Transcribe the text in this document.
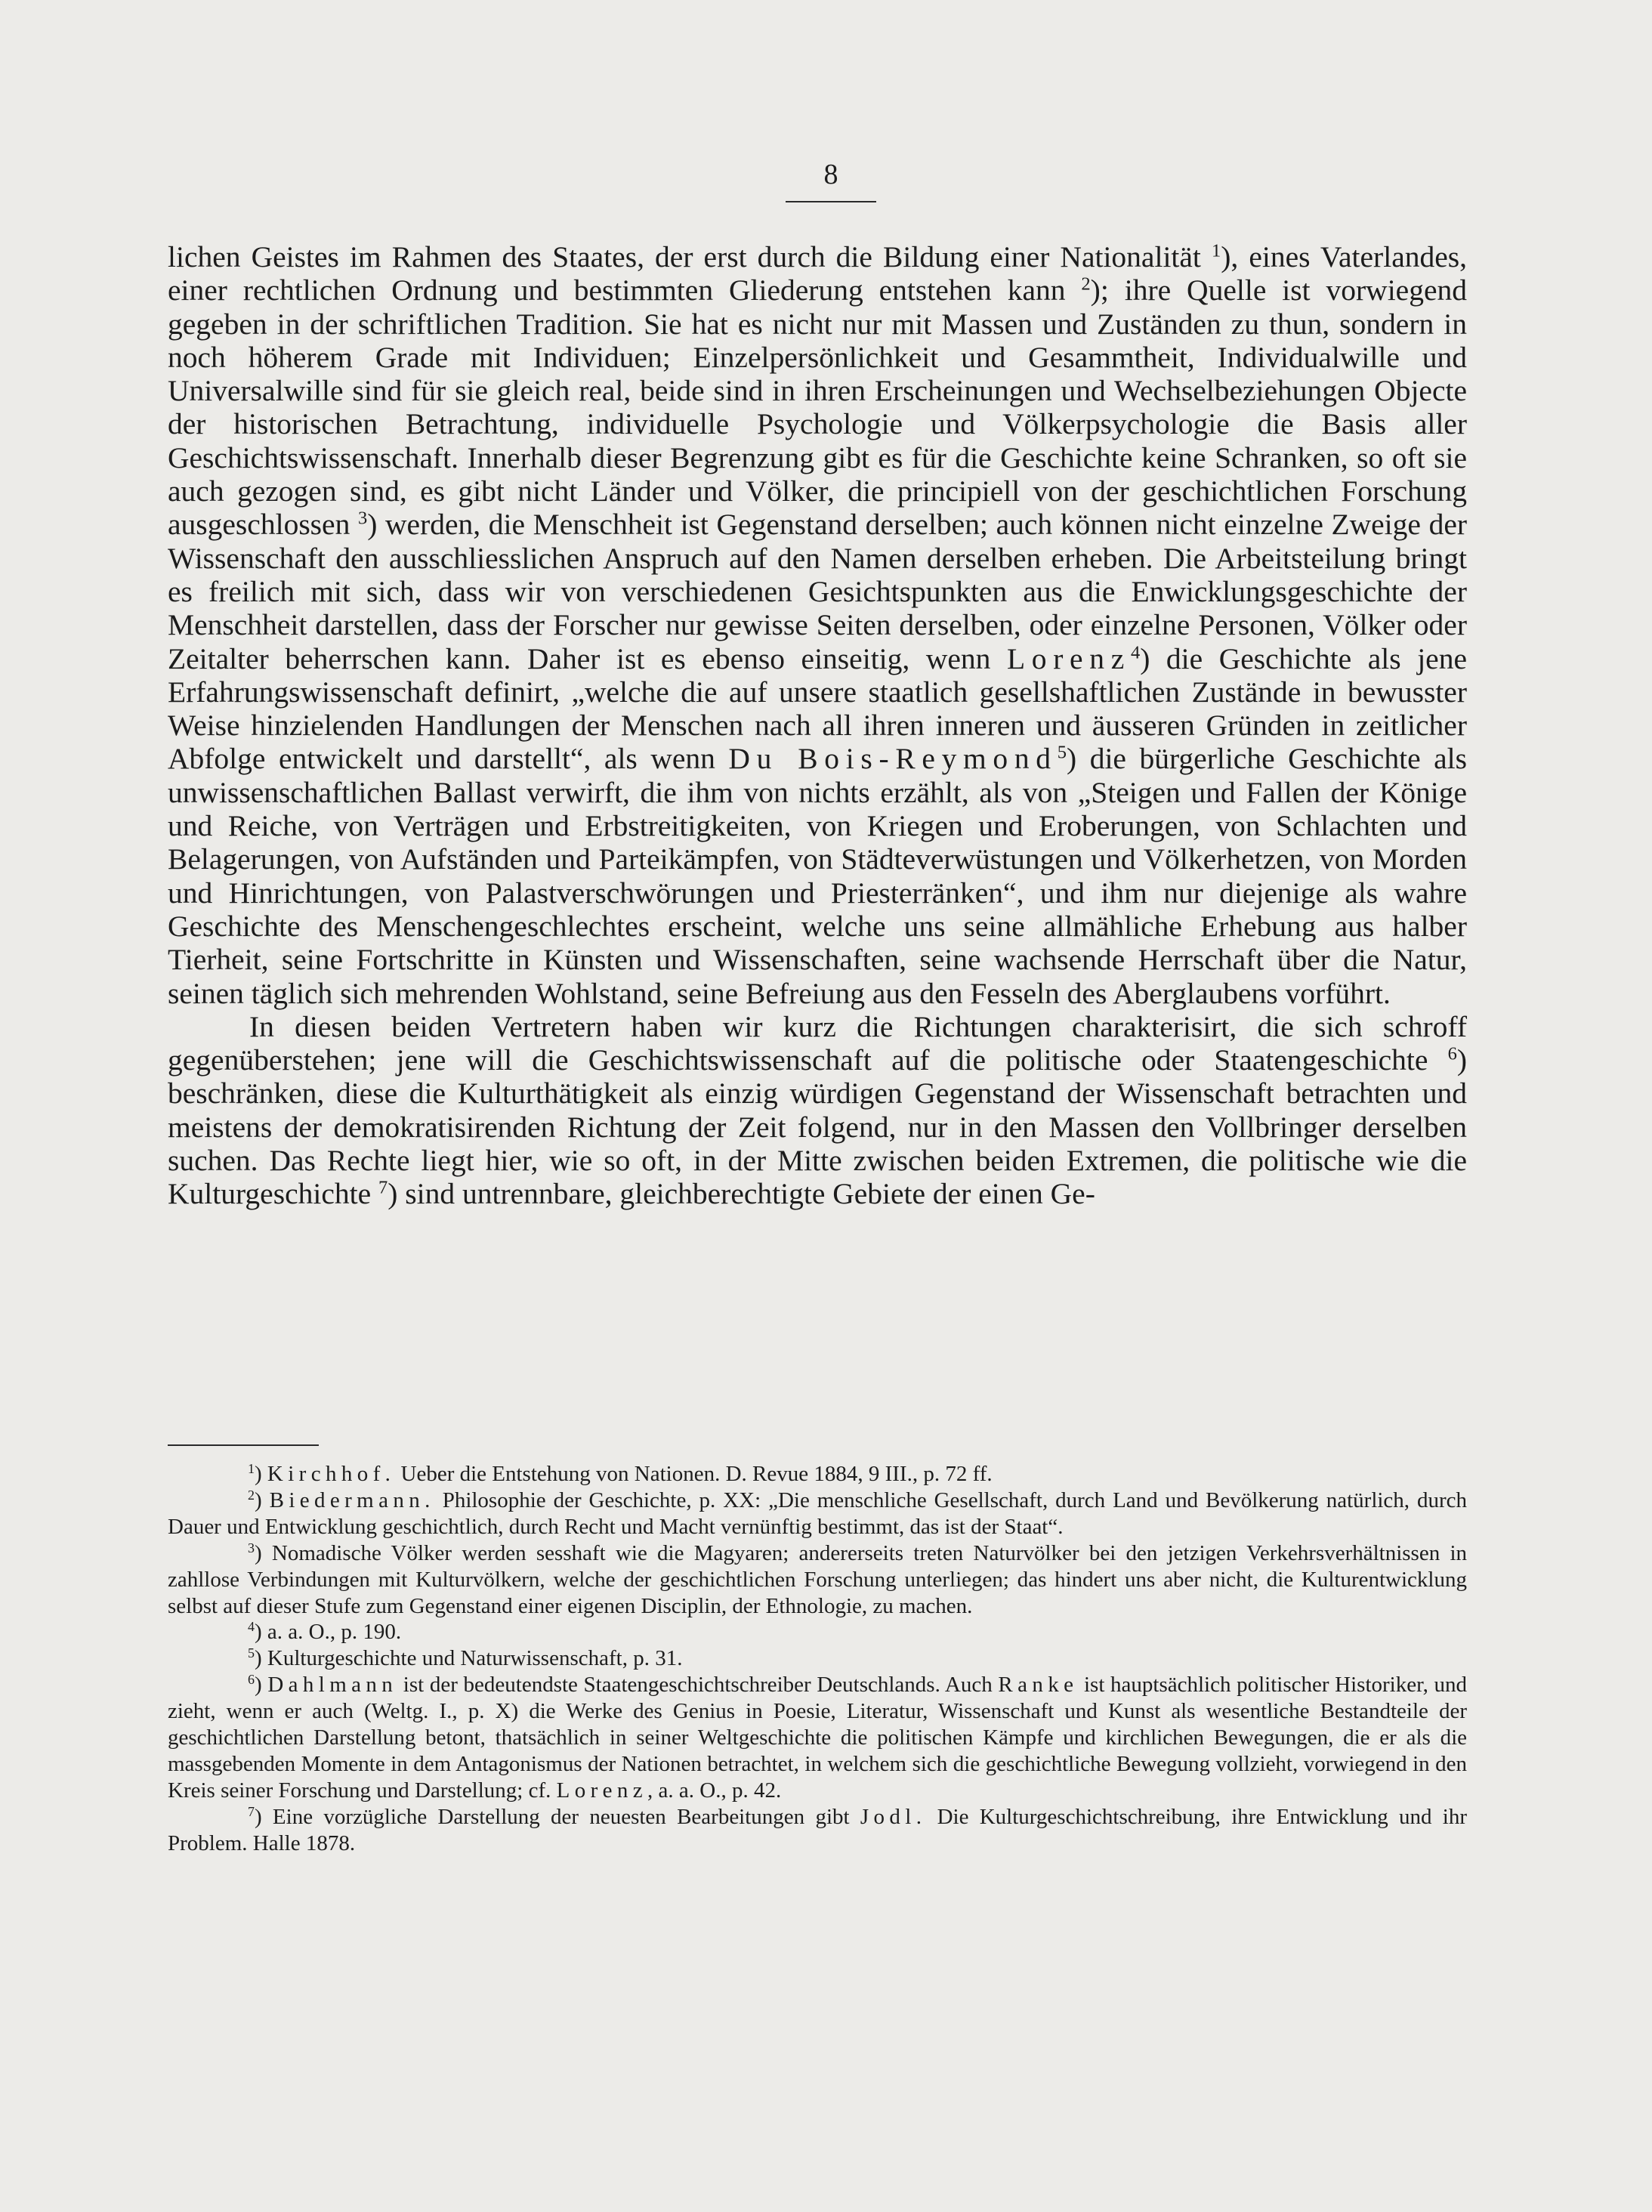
8

lichen Geistes im Rahmen des Staates, der erst durch die Bildung einer Nationalität $^1$), eines Vaterlandes, einer rechtlichen Ordnung und bestimmten Gliederung entstehen kann $^2$); ihre Quelle ist vorwiegend gegeben in der schriftlichen Tradition. Sie hat es nicht nur mit Massen und Zuständen zu thun, sondern in noch höherem Grade mit Individuen; Einzelpersönlichkeit und Gesammtheit, Individualwille und Universalwille sind für sie gleich real, beide sind in ihren Erscheinungen und Wechselbeziehungen Objecte der historischen Betrachtung, individuelle Psychologie und Völkerpsychologie die Basis aller Geschichtswissenschaft. Innerhalb dieser Begrenzung gibt es für die Geschichte keine Schranken, so oft sie auch gezogen sind, es gibt nicht Länder und Völker, die principiell von der geschichtlichen Forschung ausgeschlossen $^3$) werden, die Menschheit ist Gegenstand derselben; auch können nicht einzelne Zweige der Wissenschaft den ausschliesslichen Anspruch auf den Namen derselben erheben. Die Arbeitsteilung bringt es freilich mit sich, dass wir von verschiedenen Gesichtspunkten aus die Enwicklungsgeschichte der Menschheit darstellen, dass der Forscher nur gewisse Seiten derselben, oder einzelne Personen, Völker oder Zeitalter beherrschen kann. Daher ist es ebenso einseitig, wenn Lorenz$^4$) die Geschichte als jene Erfahrungswissenschaft definirt, „welche die auf unsere staatlich gesellshaftlichen Zustände in bewusster Weise hinzielenden Handlungen der Menschen nach all ihren inneren und äusseren Gründen in zeitlicher Abfolge entwickelt und darstellt“, als wenn Du Bois-Reymond$^5$) die bürgerliche Geschichte als unwissenschaftlichen Ballast verwirft, die ihm von nichts erzählt, als von „Steigen und Fallen der Könige und Reiche, von Verträgen und Erbstreitigkeiten, von Kriegen und Eroberungen, von Schlachten und Belagerungen, von Aufständen und Parteikämpfen, von Städteverwüstungen und Völkerhetzen, von Morden und Hinrichtungen, von Palastverschwörungen und Priesterränken“, und ihm nur diejenige als wahre Geschichte des Menschengeschlechtes erscheint, welche uns seine allmähliche Erhebung aus halber Tierheit, seine Fortschritte in Künsten und Wissenschaften, seine wachsende Herrschaft über die Natur, seinen täglich sich mehrenden Wohlstand, seine Befreiung aus den Fesseln des Aberglaubens vorführt.

In diesen beiden Vertretern haben wir kurz die Richtungen charakterisirt, die sich schroff gegenüberstehen; jene will die Geschichtswissenschaft auf die politische oder Staatengeschichte $^6$) beschränken, diese die Kulturthätigkeit als einzig würdigen Gegenstand der Wissenschaft betrachten und meistens der demokratisirenden Richtung der Zeit folgend, nur in den Massen den Vollbringer derselben suchen. Das Rechte liegt hier, wie so oft, in der Mitte zwischen beiden Extremen, die politische wie die Kulturgeschichte $^7$) sind untrennbare, gleichberechtigte Gebiete der einen Ge-

$^1$) Kirchhof. Ueber die Entstehung von Nationen. D. Revue 1884, 9 III., p. 72 ff.

$^2$) Biedermann. Philosophie der Geschichte, p. XX: „Die menschliche Gesellschaft, durch Land und Bevölkerung natürlich, durch Dauer und Entwicklung geschichtlich, durch Recht und Macht vernünftig bestimmt, das ist der Staat“.

$^3$) Nomadische Völker werden sesshaft wie die Magyaren; andererseits treten Naturvölker bei den jetzigen Verkehrsverhältnissen in zahllose Verbindungen mit Kulturvölkern, welche der geschichtlichen Forschung unterliegen; das hindert uns aber nicht, die Kulturentwicklung selbst auf dieser Stufe zum Gegenstand einer eigenen Disciplin, der Ethnologie, zu machen.

$^4$) a. a. O., p. 190.

$^5$) Kulturgeschichte und Naturwissenschaft, p. 31.

$^6$) Dahlmann ist der bedeutendste Staatengeschichtschreiber Deutschlands. Auch Ranke ist hauptsächlich politischer Historiker, und zieht, wenn er auch (Weltg. I., p. X) die Werke des Genius in Poesie, Literatur, Wissenschaft und Kunst als wesentliche Bestandteile der geschichtlichen Darstellung betont, thatsächlich in seiner Weltgeschichte die politischen Kämpfe und kirchlichen Bewegungen, die er als die massgebenden Momente in dem Antagonismus der Nationen betrachtet, in welchem sich die geschichtliche Bewegung vollzieht, vorwiegend in den Kreis seiner Forschung und Darstellung; cf. Lorenz, a. a. O., p. 42.

$^7$) Eine vorzügliche Darstellung der neuesten Bearbeitungen gibt Jodl. Die Kulturgeschichtschreibung, ihre Entwicklung und ihr Problem. Halle 1878.
